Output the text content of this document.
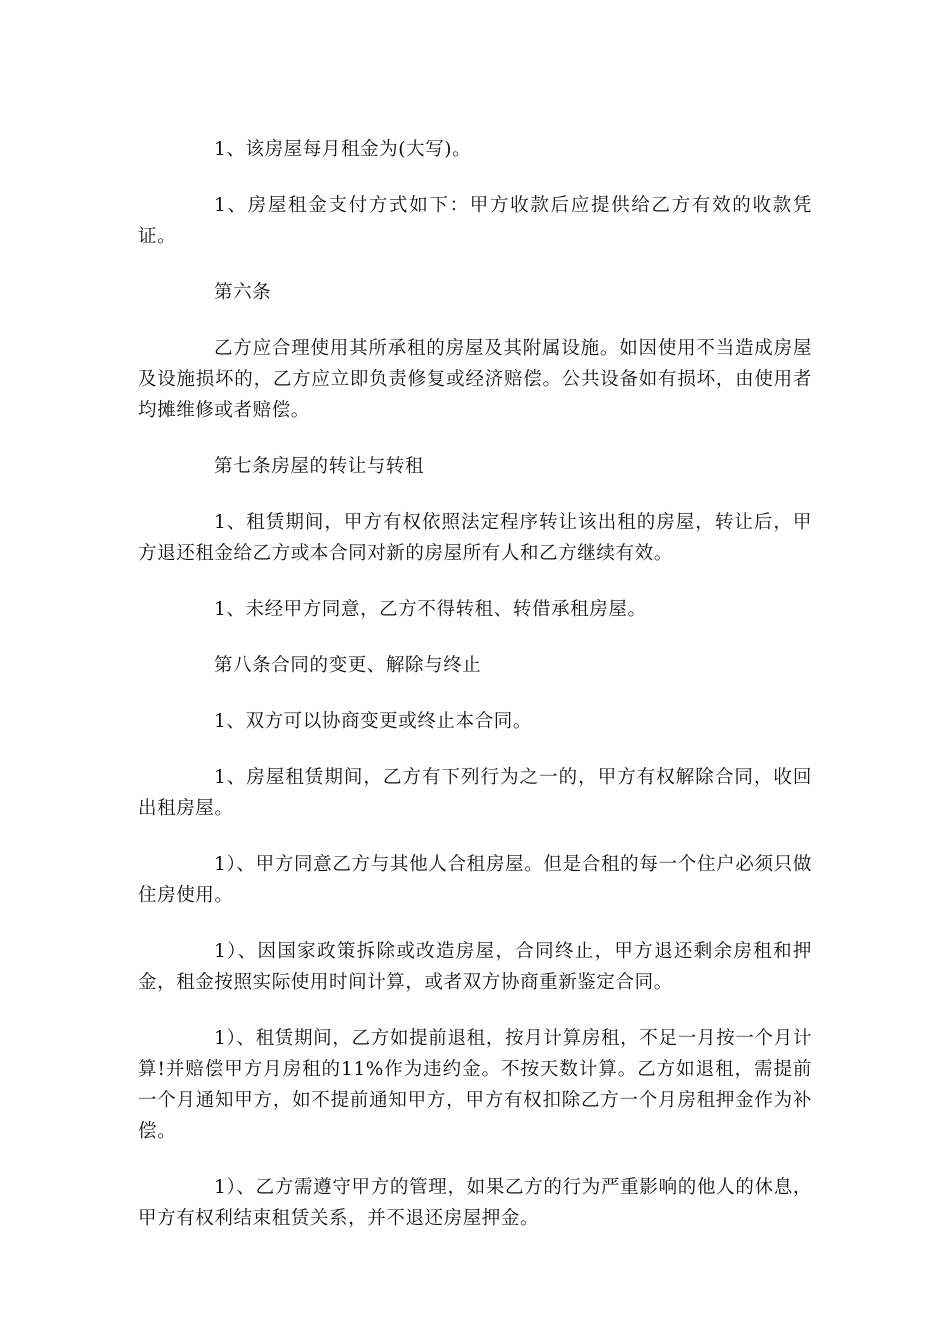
1、该房屋每月租金为(大写)。

1、房屋租金支付方式如下：甲方收款后应提供给乙方有效的收款凭证。

第六条

乙方应合理使用其所承租的房屋及其附属设施。如因使用不当造成房屋及设施损坏的，乙方应立即负责修复或经济赔偿。公共设备如有损坏，由使用者均摊维修或者赔偿。

第七条房屋的转让与转租

1、租赁期间，甲方有权依照法定程序转让该出租的房屋，转让后，甲方退还租金给乙方或本合同对新的房屋所有人和乙方继续有效。

1、未经甲方同意，乙方不得转租、转借承租房屋。

第八条合同的变更、解除与终止

1、双方可以协商变更或终止本合同。

1、房屋租赁期间，乙方有下列行为之一的，甲方有权解除合同，收回出租房屋。

1）、甲方同意乙方与其他人合租房屋。但是合租的每一个住户必须只做住房使用。

1）、因国家政策拆除或改造房屋，合同终止，甲方退还剩余房租和押金，租金按照实际使用时间计算，或者双方协商重新鉴定合同。

1）、租赁期间，乙方如提前退租，按月计算房租，不足一月按一个月计算!并赔偿甲方月房租的11%作为违约金。不按天数计算。乙方如退租，需提前一个月通知甲方，如不提前通知甲方，甲方有权扣除乙方一个月房租押金作为补偿。

1）、乙方需遵守甲方的管理，如果乙方的行为严重影响的他人的休息，甲方有权利结束租赁关系，并不退还房屋押金。
